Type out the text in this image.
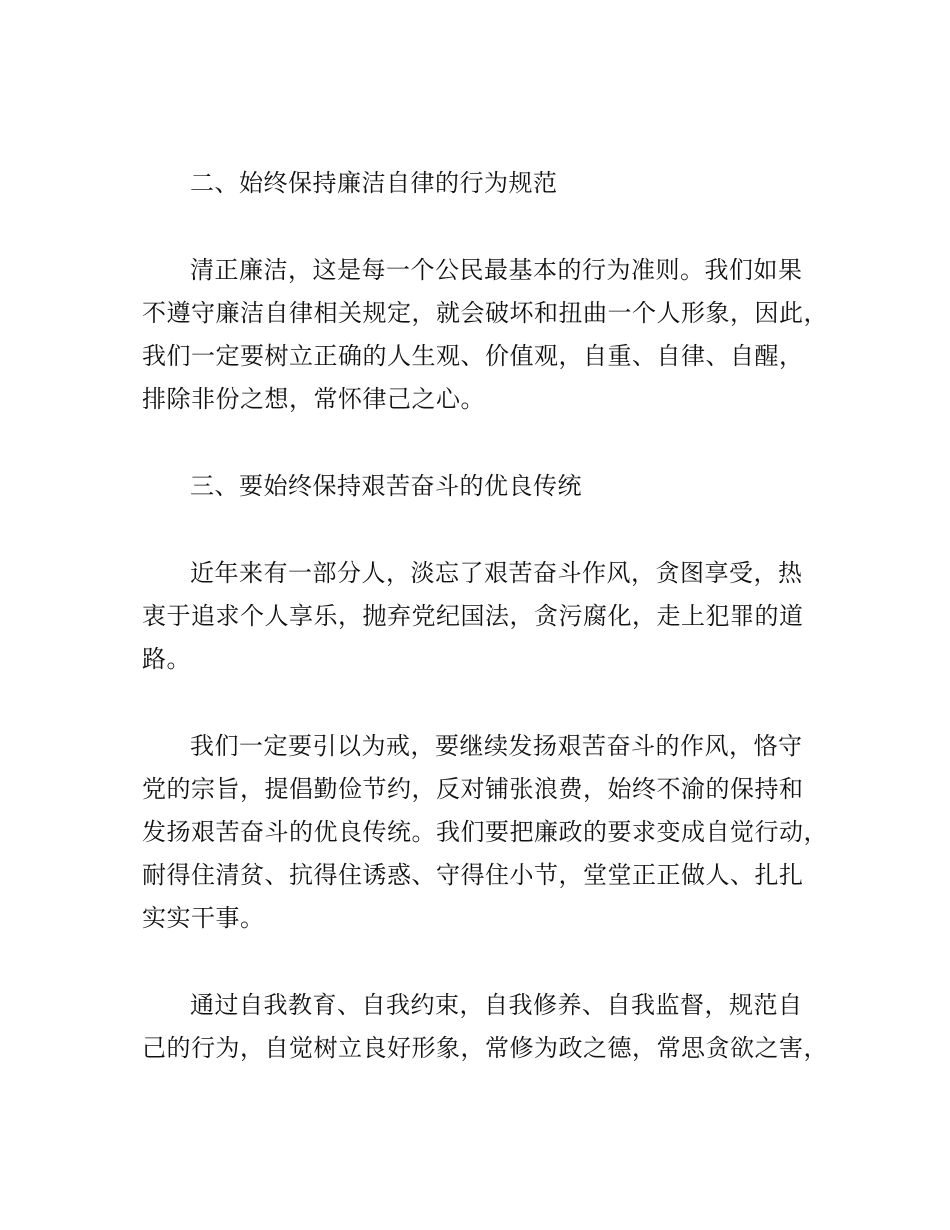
二、始终保持廉洁自律的行为规范
清正廉洁，这是每一个公民最基本的行为准则。我们如果
不遵守廉洁自律相关规定，就会破坏和扭曲一个人形象，因此，
我们一定要树立正确的人生观、价值观，自重、自律、自醒，
排除非份之想，常怀律己之心。
三、要始终保持艰苦奋斗的优良传统
近年来有一部分人，淡忘了艰苦奋斗作风，贪图享受，热
衷于追求个人享乐，抛弃党纪国法，贪污腐化，走上犯罪的道
路。
我们一定要引以为戒，要继续发扬艰苦奋斗的作风，恪守
党的宗旨，提倡勤俭节约，反对铺张浪费，始终不渝的保持和
发扬艰苦奋斗的优良传统。我们要把廉政的要求变成自觉行动，
耐得住清贫、抗得住诱惑、守得住小节，堂堂正正做人、扎扎
实实干事。
通过自我教育、自我约束，自我修养、自我监督，规范自
己的行为，自觉树立良好形象，常修为政之德，常思贪欲之害，
